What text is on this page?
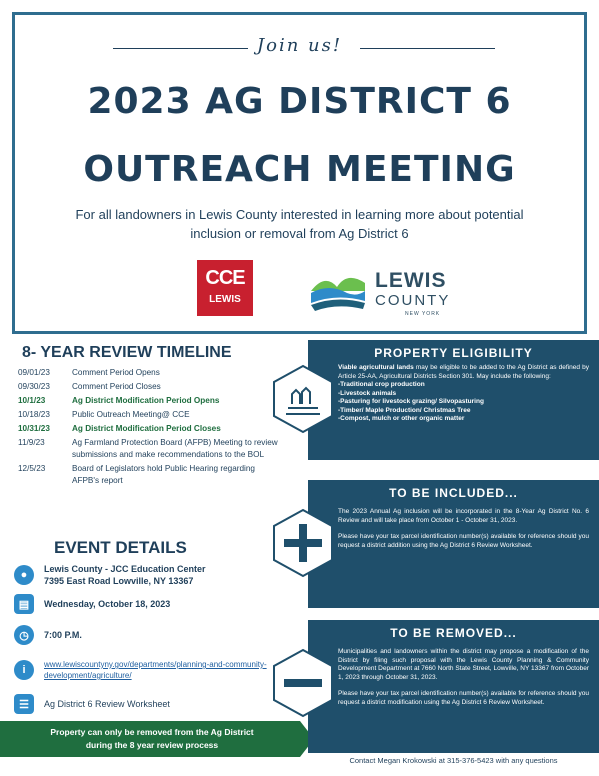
Join us!
2023 AG DISTRICT 6
OUTREACH MEETING
For all landowners in Lewis County interested in learning more about potential inclusion or removal from Ag District 6
CCE
LEWIS
LEWIS
COUNTY
NEW YORK
8- YEAR REVIEW TIMELINE
09/01/23	Comment Period Opens
09/30/23	Comment Period Closes
10/1/23	Ag District Modification Period Opens
10/18/23	Public Outreach Meeting@ CCE
10/31/23	Ag District Modification Period Closes
11/9/23	Ag Farmland Protection Board (AFPB) Meeting to review submissions and make recommendations to the BOL
12/5/23	Board of Legislators hold Public Hearing regarding AFPB's report
EVENT DETAILS
●	Lewis County - JCC Education Center
7395 East Road Lowville, NY 13367
▤	Wednesday, October 18, 2023
◷	7:00 P.M.
i	www.lewiscountyny.gov/departments/planning-and-community-development/agriculture/
☰	Ag District 6 Review Worksheet
Property can only be removed from the Ag District
during the 8 year review process
PROPERTY ELIGIBILITY

Viable agricultural lands may be eligible to be added to the Ag District as defined by Article 25-AA, Agricultural Districts Section 301. May include the following:

-Traditional crop production
-Livestock animals
-Pasturing for livestock grazing/ Silvopasturing
-Timber/ Maple Production/ Christmas Tree
-Compost, mulch or other organic matter
TO BE INCLUDED...

The 2023 Annual Ag inclusion will be incorporated in the 8-Year Ag District No. 6 Review and will take place from October 1 - October 31, 2023.

Please have your tax parcel identification number(s) available for reference should you request a district addition using the Ag District 6 Review Worksheet.

TO BE REMOVED...

Municipalities and landowners within the district may propose a modification of the District by filing such proposal with the Lewis County Planning & Community Development Department at 7660 North State Street, Lowville, NY 13367 from October 1, 2023 through October 31, 2023.

Please have your tax parcel identification number(s) available for reference should you request a district modification using the Ag District 6 Review Worksheet.

Contact Megan Krokowski at 315-376-5423 with any questions
